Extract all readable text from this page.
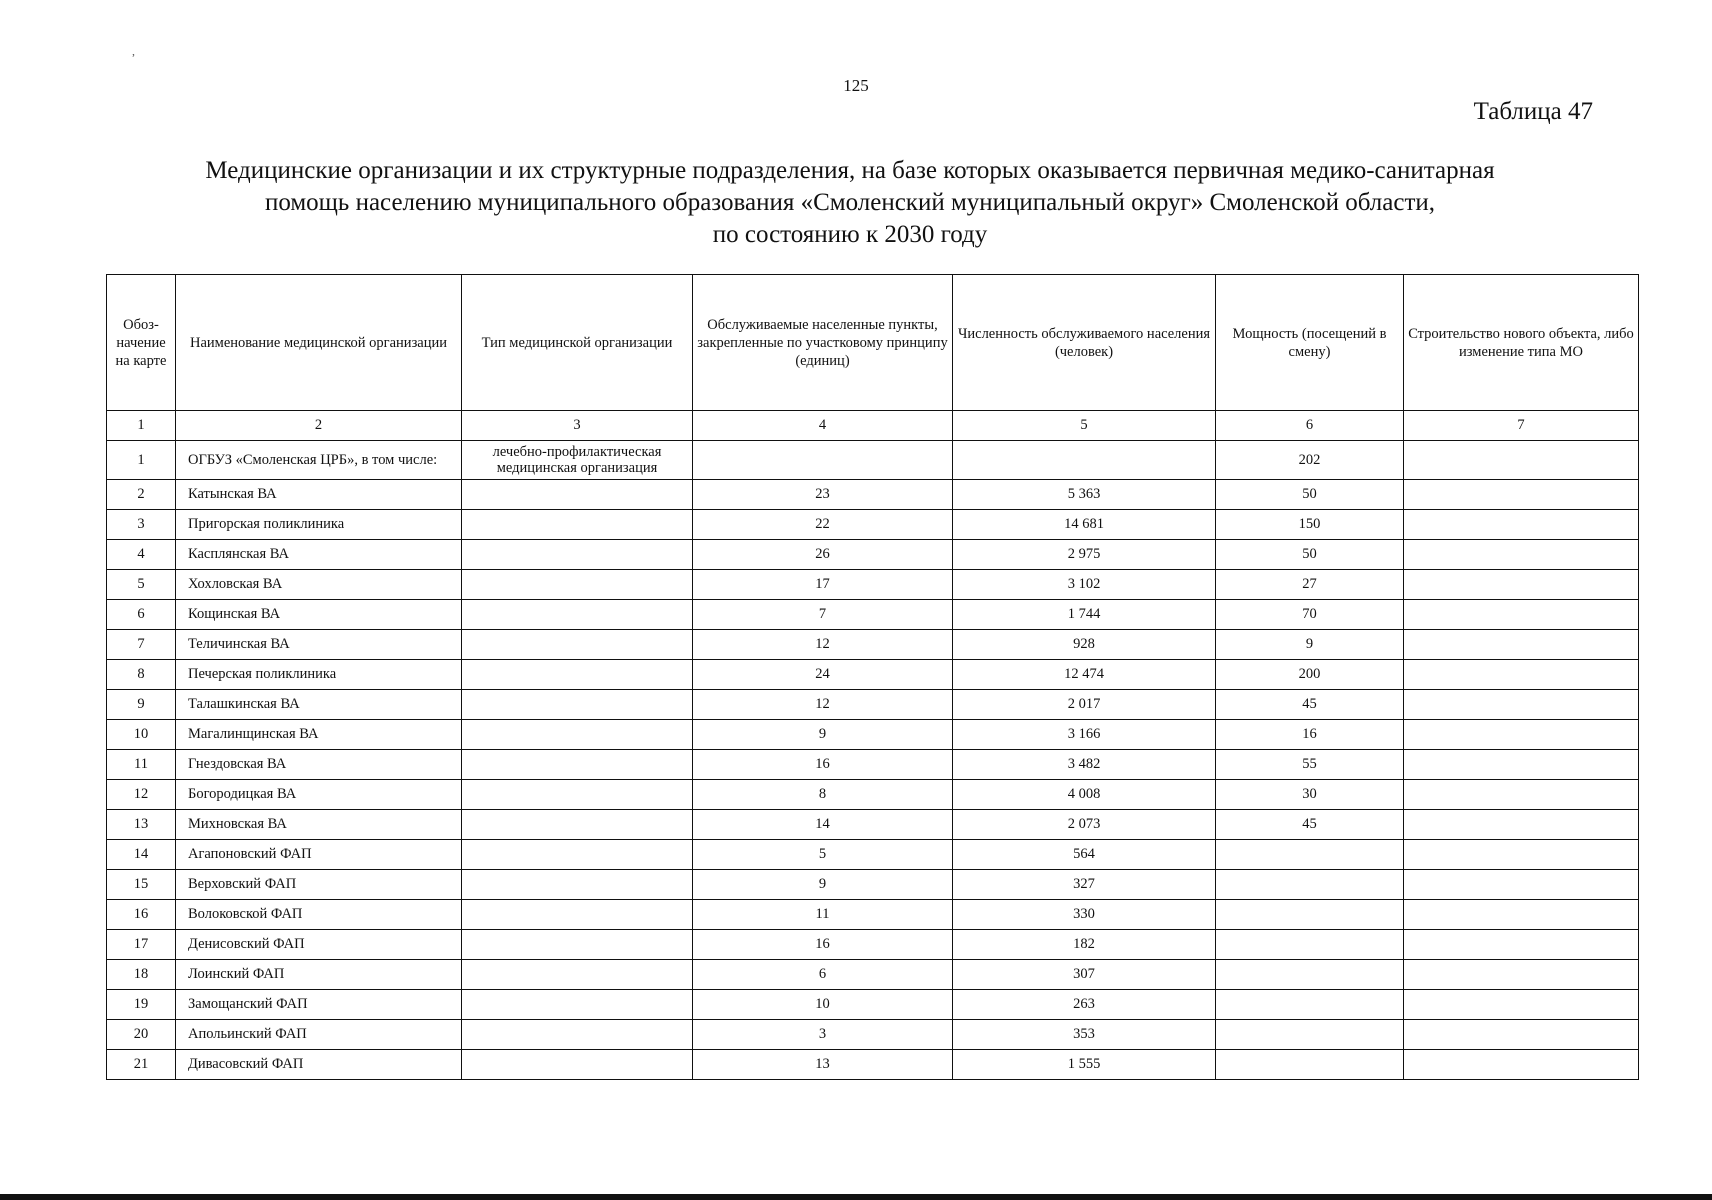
,
125
Таблица 47
Медицинские организации и их структурные подразделения, на базе которых оказывается первичная медико-санитарная
помощь населению муниципального образования «Смоленский муниципальный округ» Смоленской области,
по состоянию к 2030 году
Обоз-начение на карте	Наименование медицинской организации	Тип медицинской организации	Обслуживаемые населенные пункты, закрепленные по участковому принципу (единиц)	Численность обслуживаемого населения (человек)	Мощность (посещений в смену)	Строительство нового объекта, либо изменение типа МО
1	2	3	4	5	6	7
1	ОГБУЗ «Смоленская ЦРБ», в том числе:	лечебно-профилактическая медицинская организация			202	
2	Катынская ВА		23	5 363	50	
3	Пригорская поликлиника		22	14 681	150	
4	Касплянская ВА		26	2 975	50	
5	Хохловская ВА		17	3 102	27	
6	Кощинская ВА		7	1 744	70	
7	Теличинская ВА		12	928	9	
8	Печерская поликлиника		24	12 474	200	
9	Талашкинская ВА		12	2 017	45	
10	Магалинщинская ВА		9	3 166	16	
11	Гнездовская ВА		16	3 482	55	
12	Богородицкая ВА		8	4 008	30	
13	Михновская ВА		14	2 073	45	
14	Агапоновский ФАП		5	564		
15	Верховский ФАП		9	327		
16	Волоковской ФАП		11	330		
17	Денисовский ФАП		16	182		
18	Лоинский ФАП		6	307		
19	Замощанский ФАП		10	263		
20	Апольинский ФАП		3	353		
21	Дивасовский ФАП		13	1 555		
